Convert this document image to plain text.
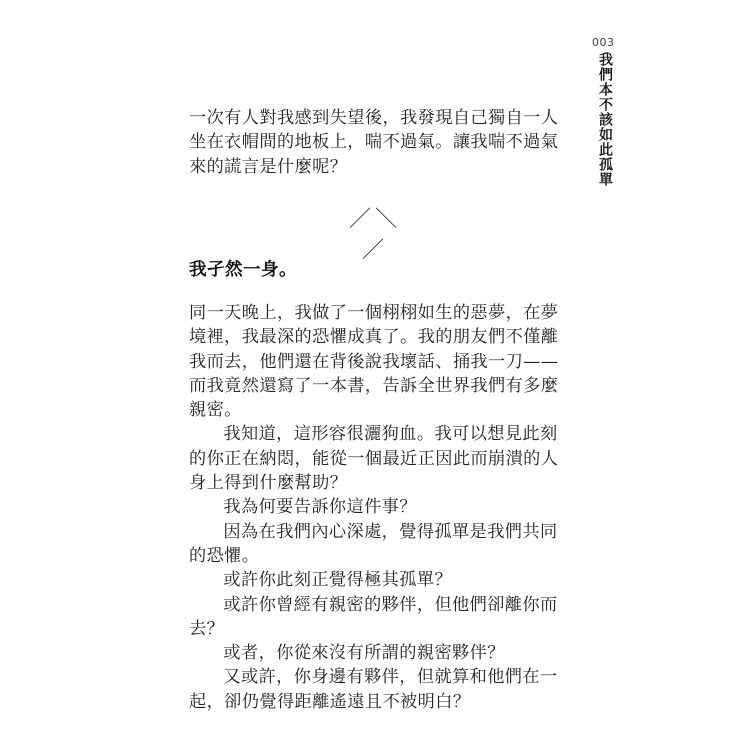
003
我們本不該如此孤單

一次有人對我感到失望後，我發現自己獨自一人坐在衣帽間的地板上，喘不過氣。讓我喘不過氣來的謊言是什麼呢？

／＼／
我孑然一身。

同一天晚上，我做了一個栩栩如生的惡夢，在夢境裡，我最深的恐懼成真了。我的朋友們不僅離我而去，他們還在背後說我壞話、捅我一刀——而我竟然還寫了一本書，告訴全世界我們有多麼親密。

我知道，這形容很灑狗血。我可以想見此刻的你正在納悶，能從一個最近正因此而崩潰的人身上得到什麼幫助？

我為何要告訴你這件事？

因為在我們內心深處，覺得孤單是我們共同的恐懼。

或許你此刻正覺得極其孤單？

或許你曾經有親密的夥伴，但他們卻離你而去？

或者，你從來沒有所謂的親密夥伴？

又或許，你身邊有夥伴，但就算和他們在一起，卻仍覺得距離遙遠且不被明白？
